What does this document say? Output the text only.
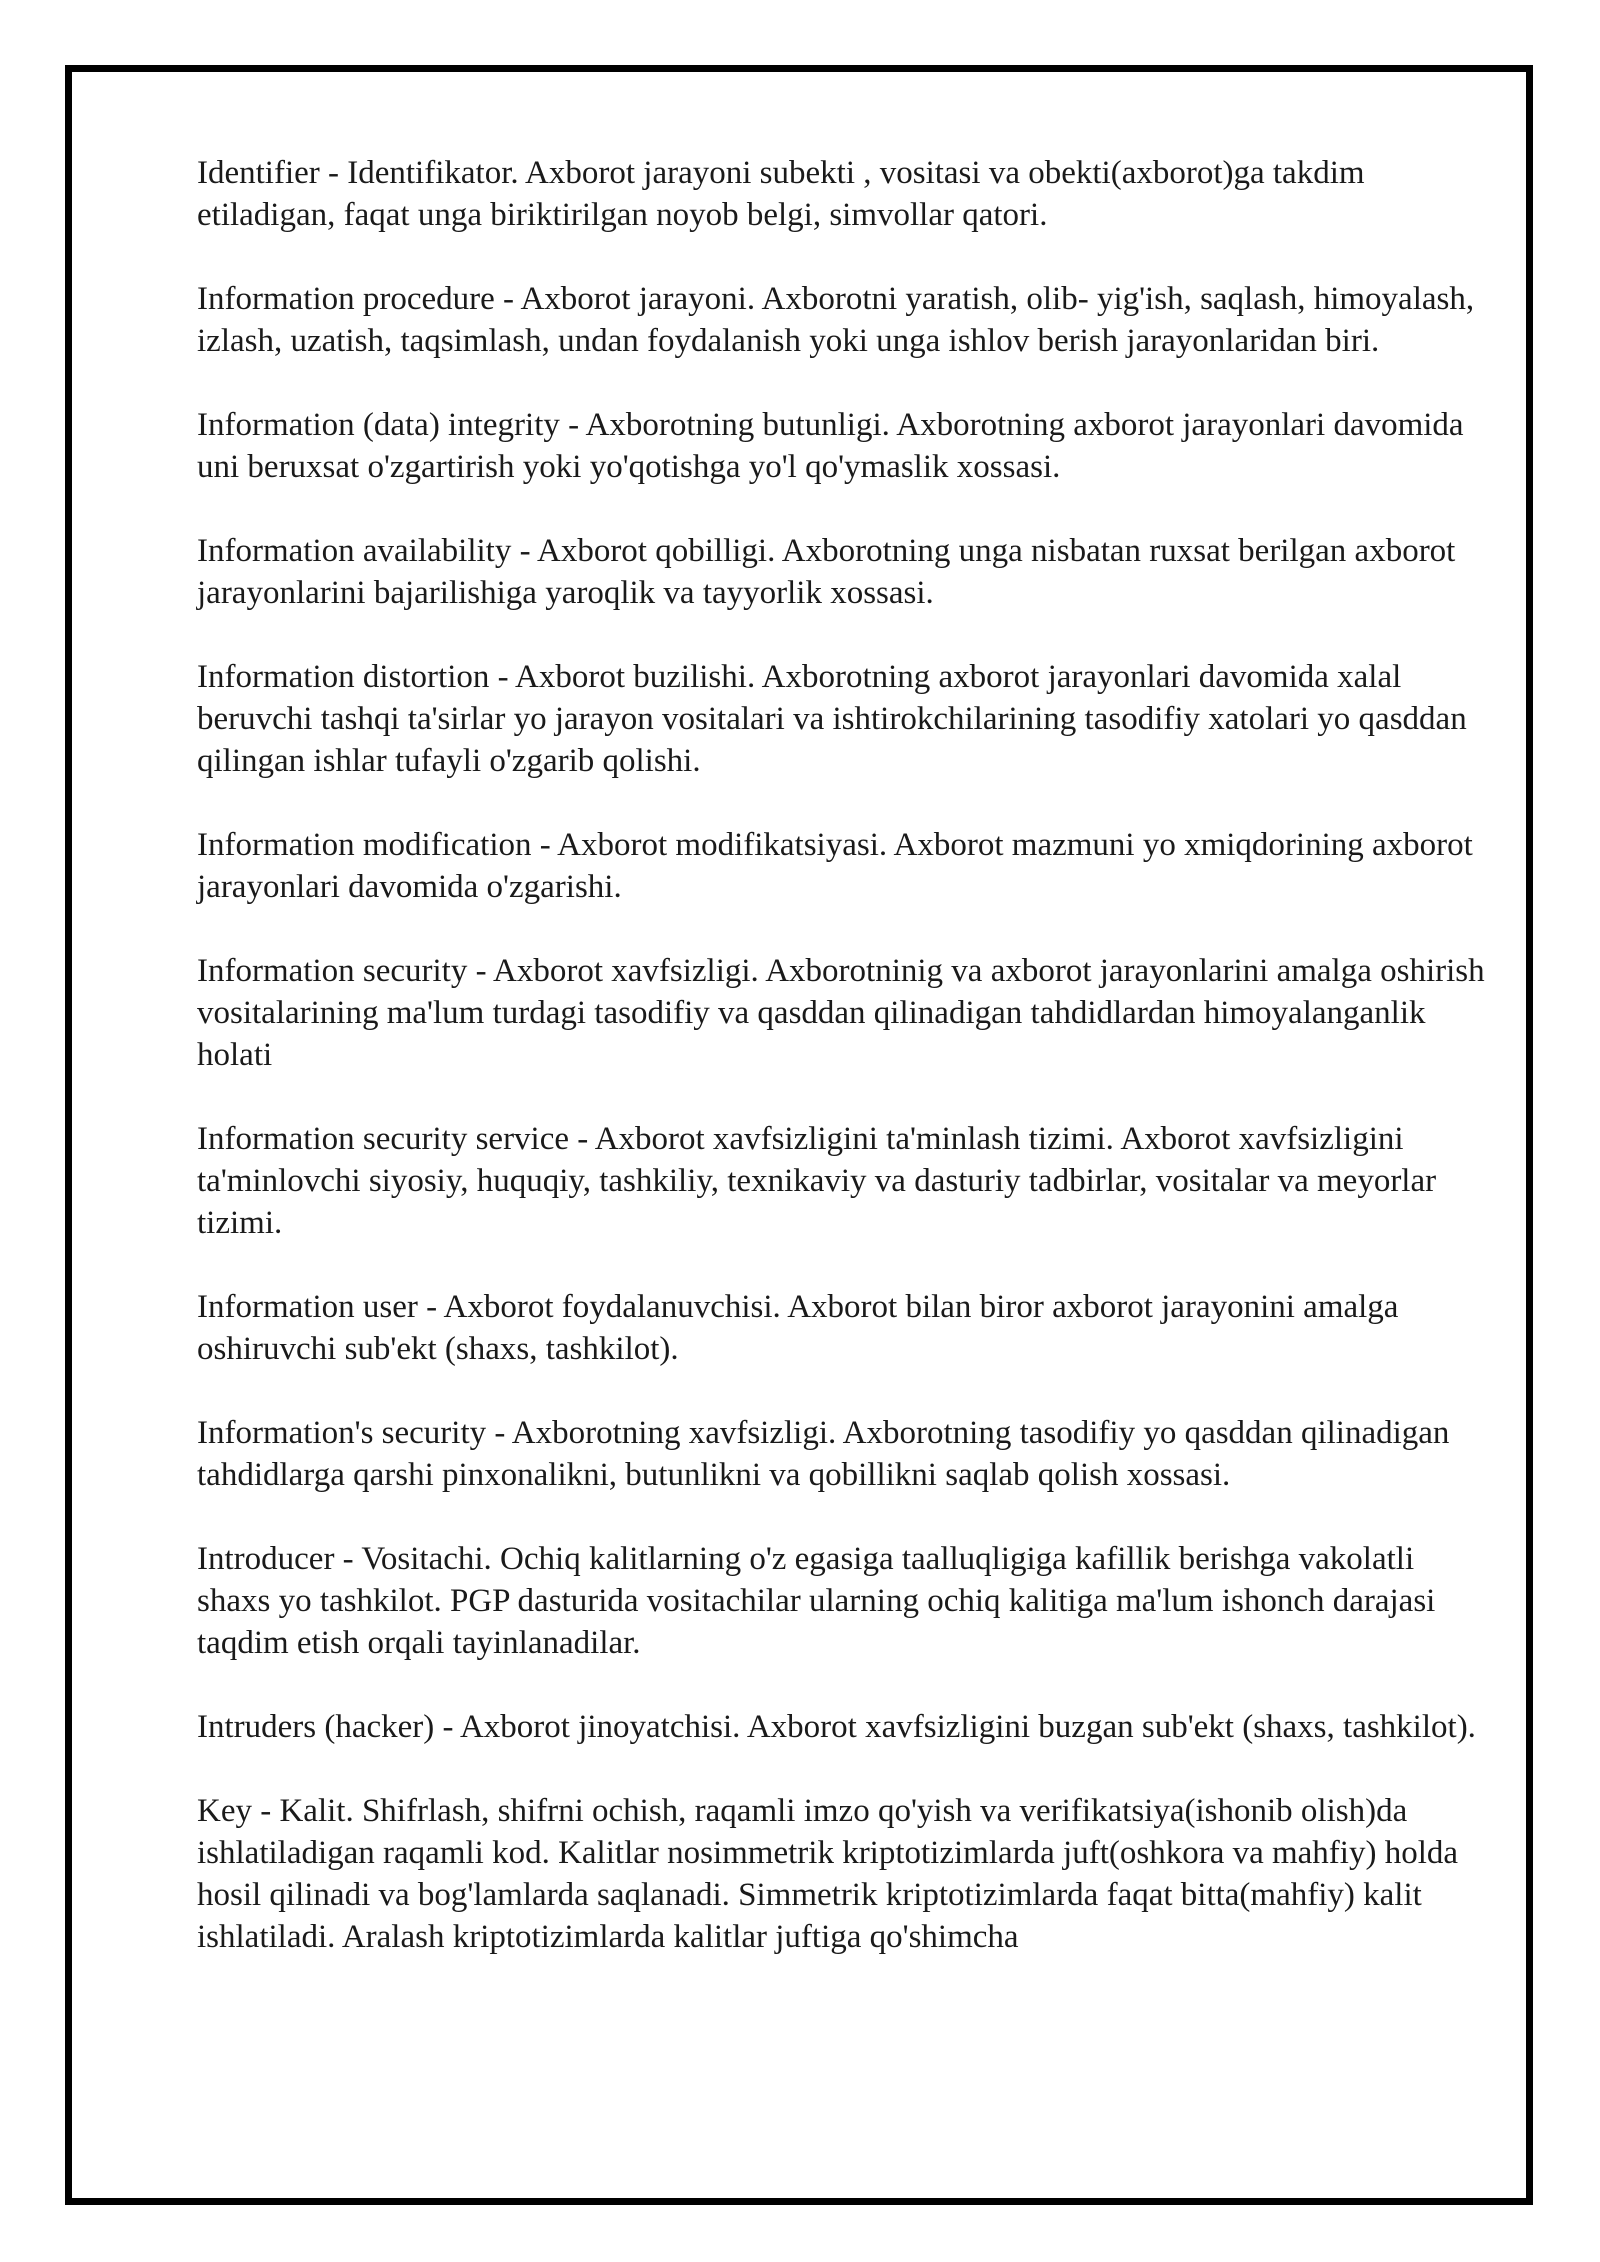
Identifier - Identifikator. Axborot jarayoni subekti , vositasi va obekti(axborot)ga takdim etiladigan, faqat unga biriktirilgan noyob belgi, simvollar qatori.

Information procedure - Axborot jarayoni. Axborotni yaratish, olib- yig'ish, saqlash, himoyalash, izlash, uzatish, taqsimlash, undan foydalanish yoki unga ishlov berish jarayonlaridan biri.

Information (data) integrity - Axborotning butunligi. Axborotning axborot jarayonlari davomida uni beruxsat o'zgartirish yoki yo'qotishga yo'l qo'ymaslik xossasi.

Information availability - Axborot qobilligi. Axborotning unga nisbatan ruxsat berilgan axborot jarayonlarini bajarilishiga yaroqlik va tayyorlik xossasi.

Information distortion - Axborot buzilishi. Axborotning axborot jarayonlari davomida xalal beruvchi tashqi ta'sirlar yo jarayon vositalari va ishtirokchilarining tasodifiy xatolari yo qasddan qilingan ishlar tufayli o'zgarib qolishi.

Information modification - Axborot modifikatsiyasi. Axborot mazmuni yo xmiqdorining axborot jarayonlari davomida o'zgarishi.

Information security - Axborot xavfsizligi. Axborotninig va axborot jarayonlarini amalga oshirish vositalarining ma'lum turdagi tasodifiy va qasddan qilinadigan tahdidlardan himoyalanganlik holati

Information security service - Axborot xavfsizligini ta'minlash tizimi. Axborot xavfsizligini ta'minlovchi siyosiy, huquqiy, tashkiliy, texnikaviy va dasturiy tadbirlar, vositalar va meyorlar tizimi.

Information user - Axborot foydalanuvchisi. Axborot bilan biror axborot jarayonini amalga oshiruvchi sub'ekt (shaxs, tashkilot).

Information's security - Axborotning xavfsizligi. Axborotning tasodifiy yo qasddan qilinadigan tahdidlarga qarshi pinxonalikni, butunlikni va qobillikni saqlab qolish xossasi.

Introducer - Vositachi. Ochiq kalitlarning o'z egasiga taalluqligiga kafillik berishga vakolatli shaxs yo tashkilot. PGP dasturida vositachilar ularning ochiq kalitiga ma'lum ishonch darajasi taqdim etish orqali tayinlanadilar.

Intruders (hacker) - Axborot jinoyatchisi. Axborot xavfsizligini buzgan sub'ekt (shaxs, tashkilot).

Key - Kalit. Shifrlash, shifrni ochish, raqamli imzo qo'yish va verifikatsiya(ishonib olish)da ishlatiladigan raqamli kod. Kalitlar nosimmetrik kriptotizimlarda juft(oshkora va mahfiy) holda hosil qilinadi va bog'lamlarda saqlanadi. Simmetrik kriptotizimlarda faqat bitta(mahfiy) kalit ishlatiladi. Aralash kriptotizimlarda kalitlar juftiga qo'shimcha
